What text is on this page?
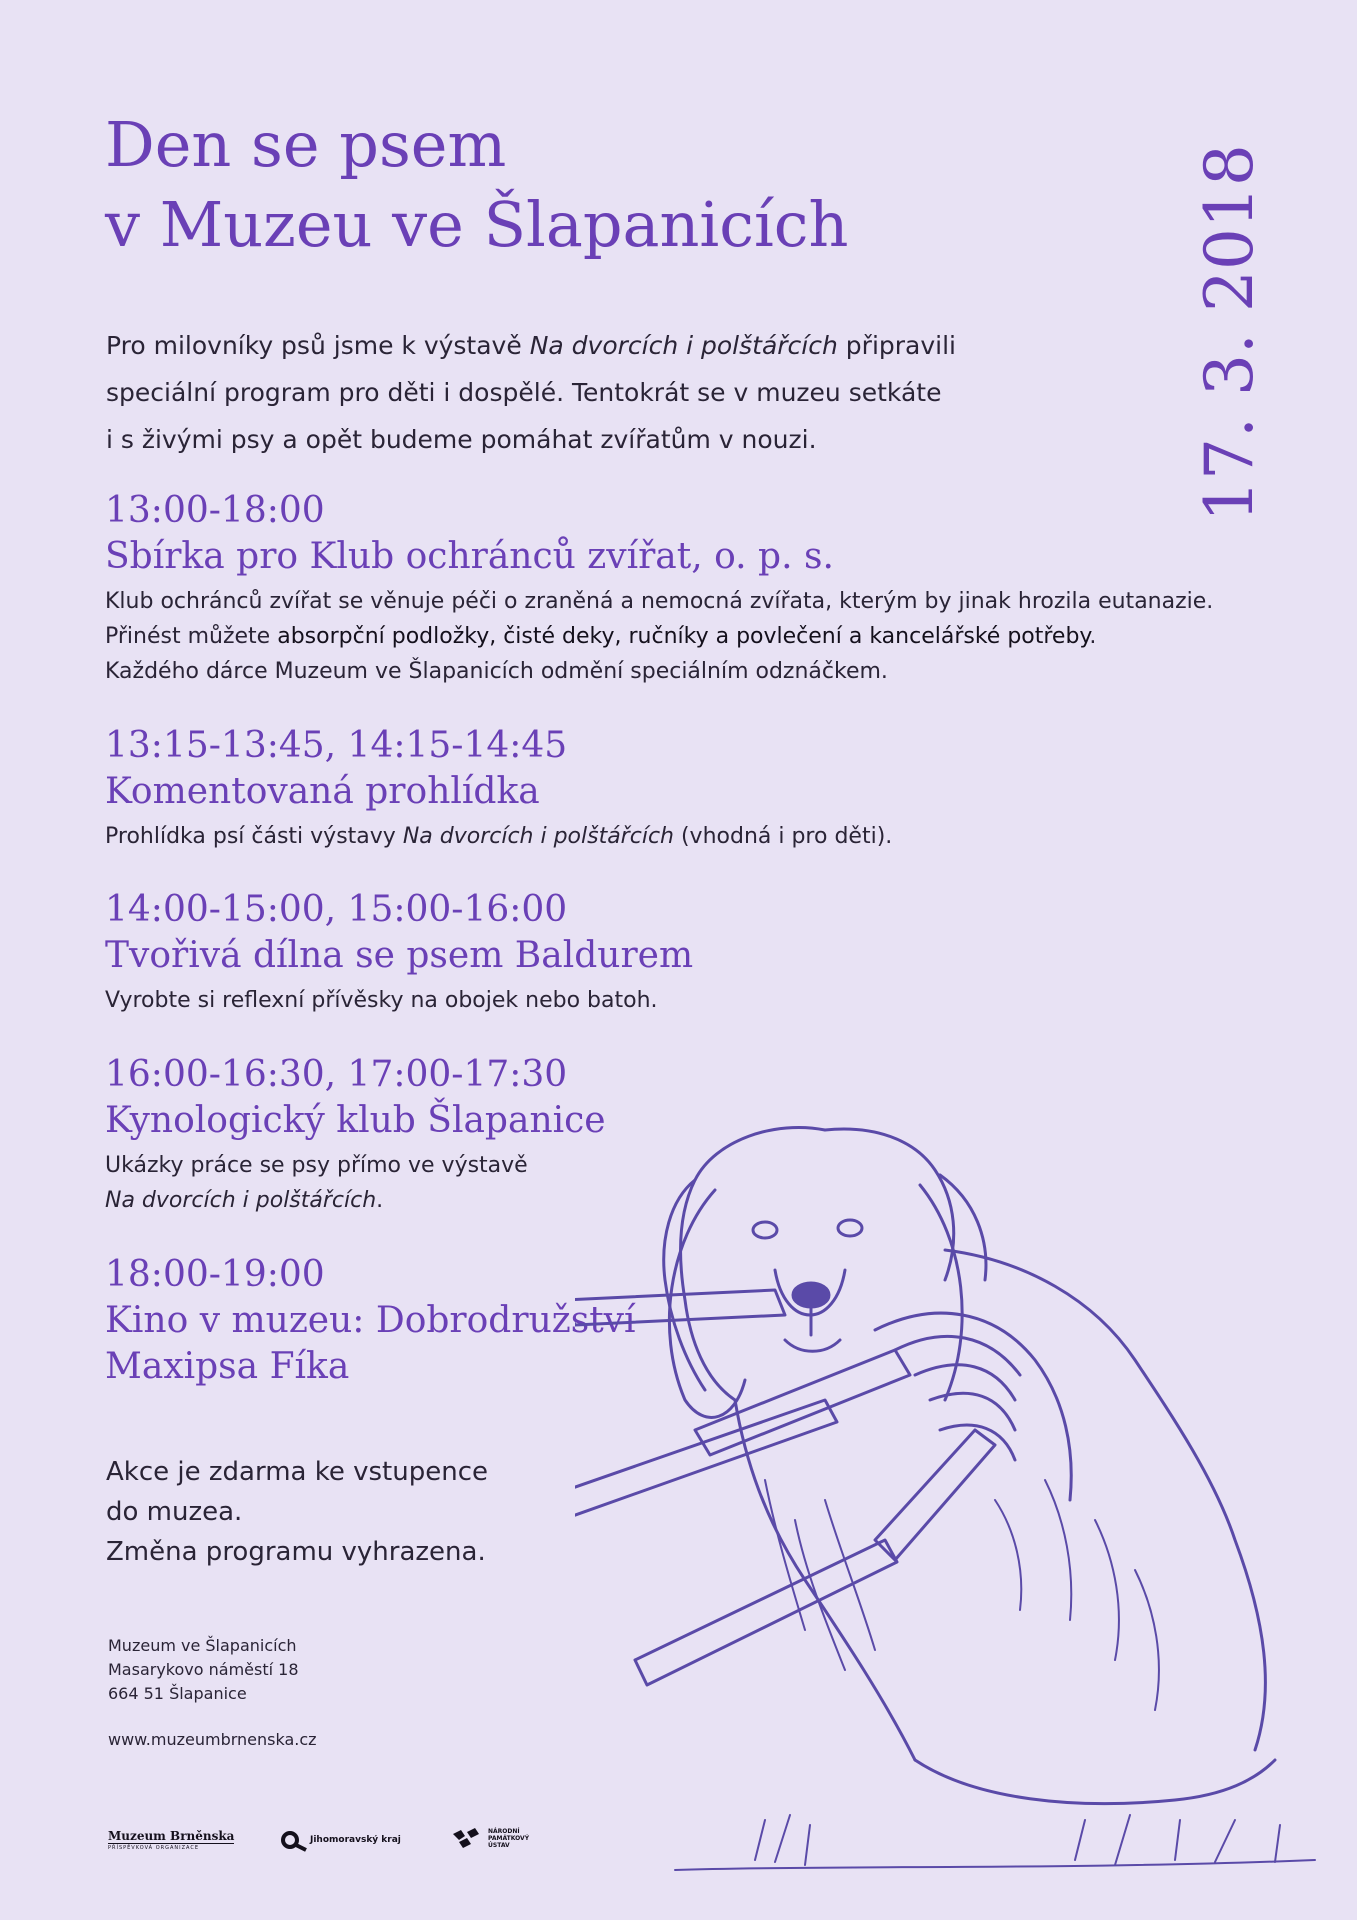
Den se psem
v Muzeu ve Šlapanicích	17. 3. 2018
Pro milovníky psů jsme k výstavě Na dvorcích i polštářcích připravili
speciální program pro děti i dospělé. Tentokrát se v muzeu setkáte
i s živými psy a opět budeme pomáhat zvířatům v nouzi.
13:00-18:00
Sbírka pro Klub ochránců zvířat, o. p. s.
Klub ochránců zvířat se věnuje péči o zraněná a nemocná zvířata, kterým by jinak hrozila eutanazie.
Přinést můžete absorpční podložky, čisté deky, ručníky a povlečení a kancelářské potřeby.
Každého dárce Muzeum ve Šlapanicích odmění speciálním odznáčkem.
13:15-13:45, 14:15-14:45
Komentovaná prohlídka
Prohlídka psí části výstavy Na dvorcích i polštářcích (vhodná i pro děti).
14:00-15:00, 15:00-16:00
Tvořivá dílna se psem Baldurem
Vyrobte si reflexní přívěsky na obojek nebo batoh.
16:00-16:30, 17:00-17:30
Kynologický klub Šlapanice
Ukázky práce se psy přímo ve výstavě
Na dvorcích i polštářcích.
18:00-19:00
Kino v muzeu: Dobrodružství
Maxipsa Fíka
Akce je zdarma ke vstupence
do muzea.
Změna programu vyhrazena.
Muzeum ve Šlapanicích
Masarykovo náměstí 18
664 51 Šlapanice
www.muzeumbrnenska.cz
Muzeum Brněnska
PŘÍSPĚVKOVÁ ORGANIZACE
Jihomoravský kraj
NÁRODNÍ
PAMÁTKOVÝ
ÚSTAV
